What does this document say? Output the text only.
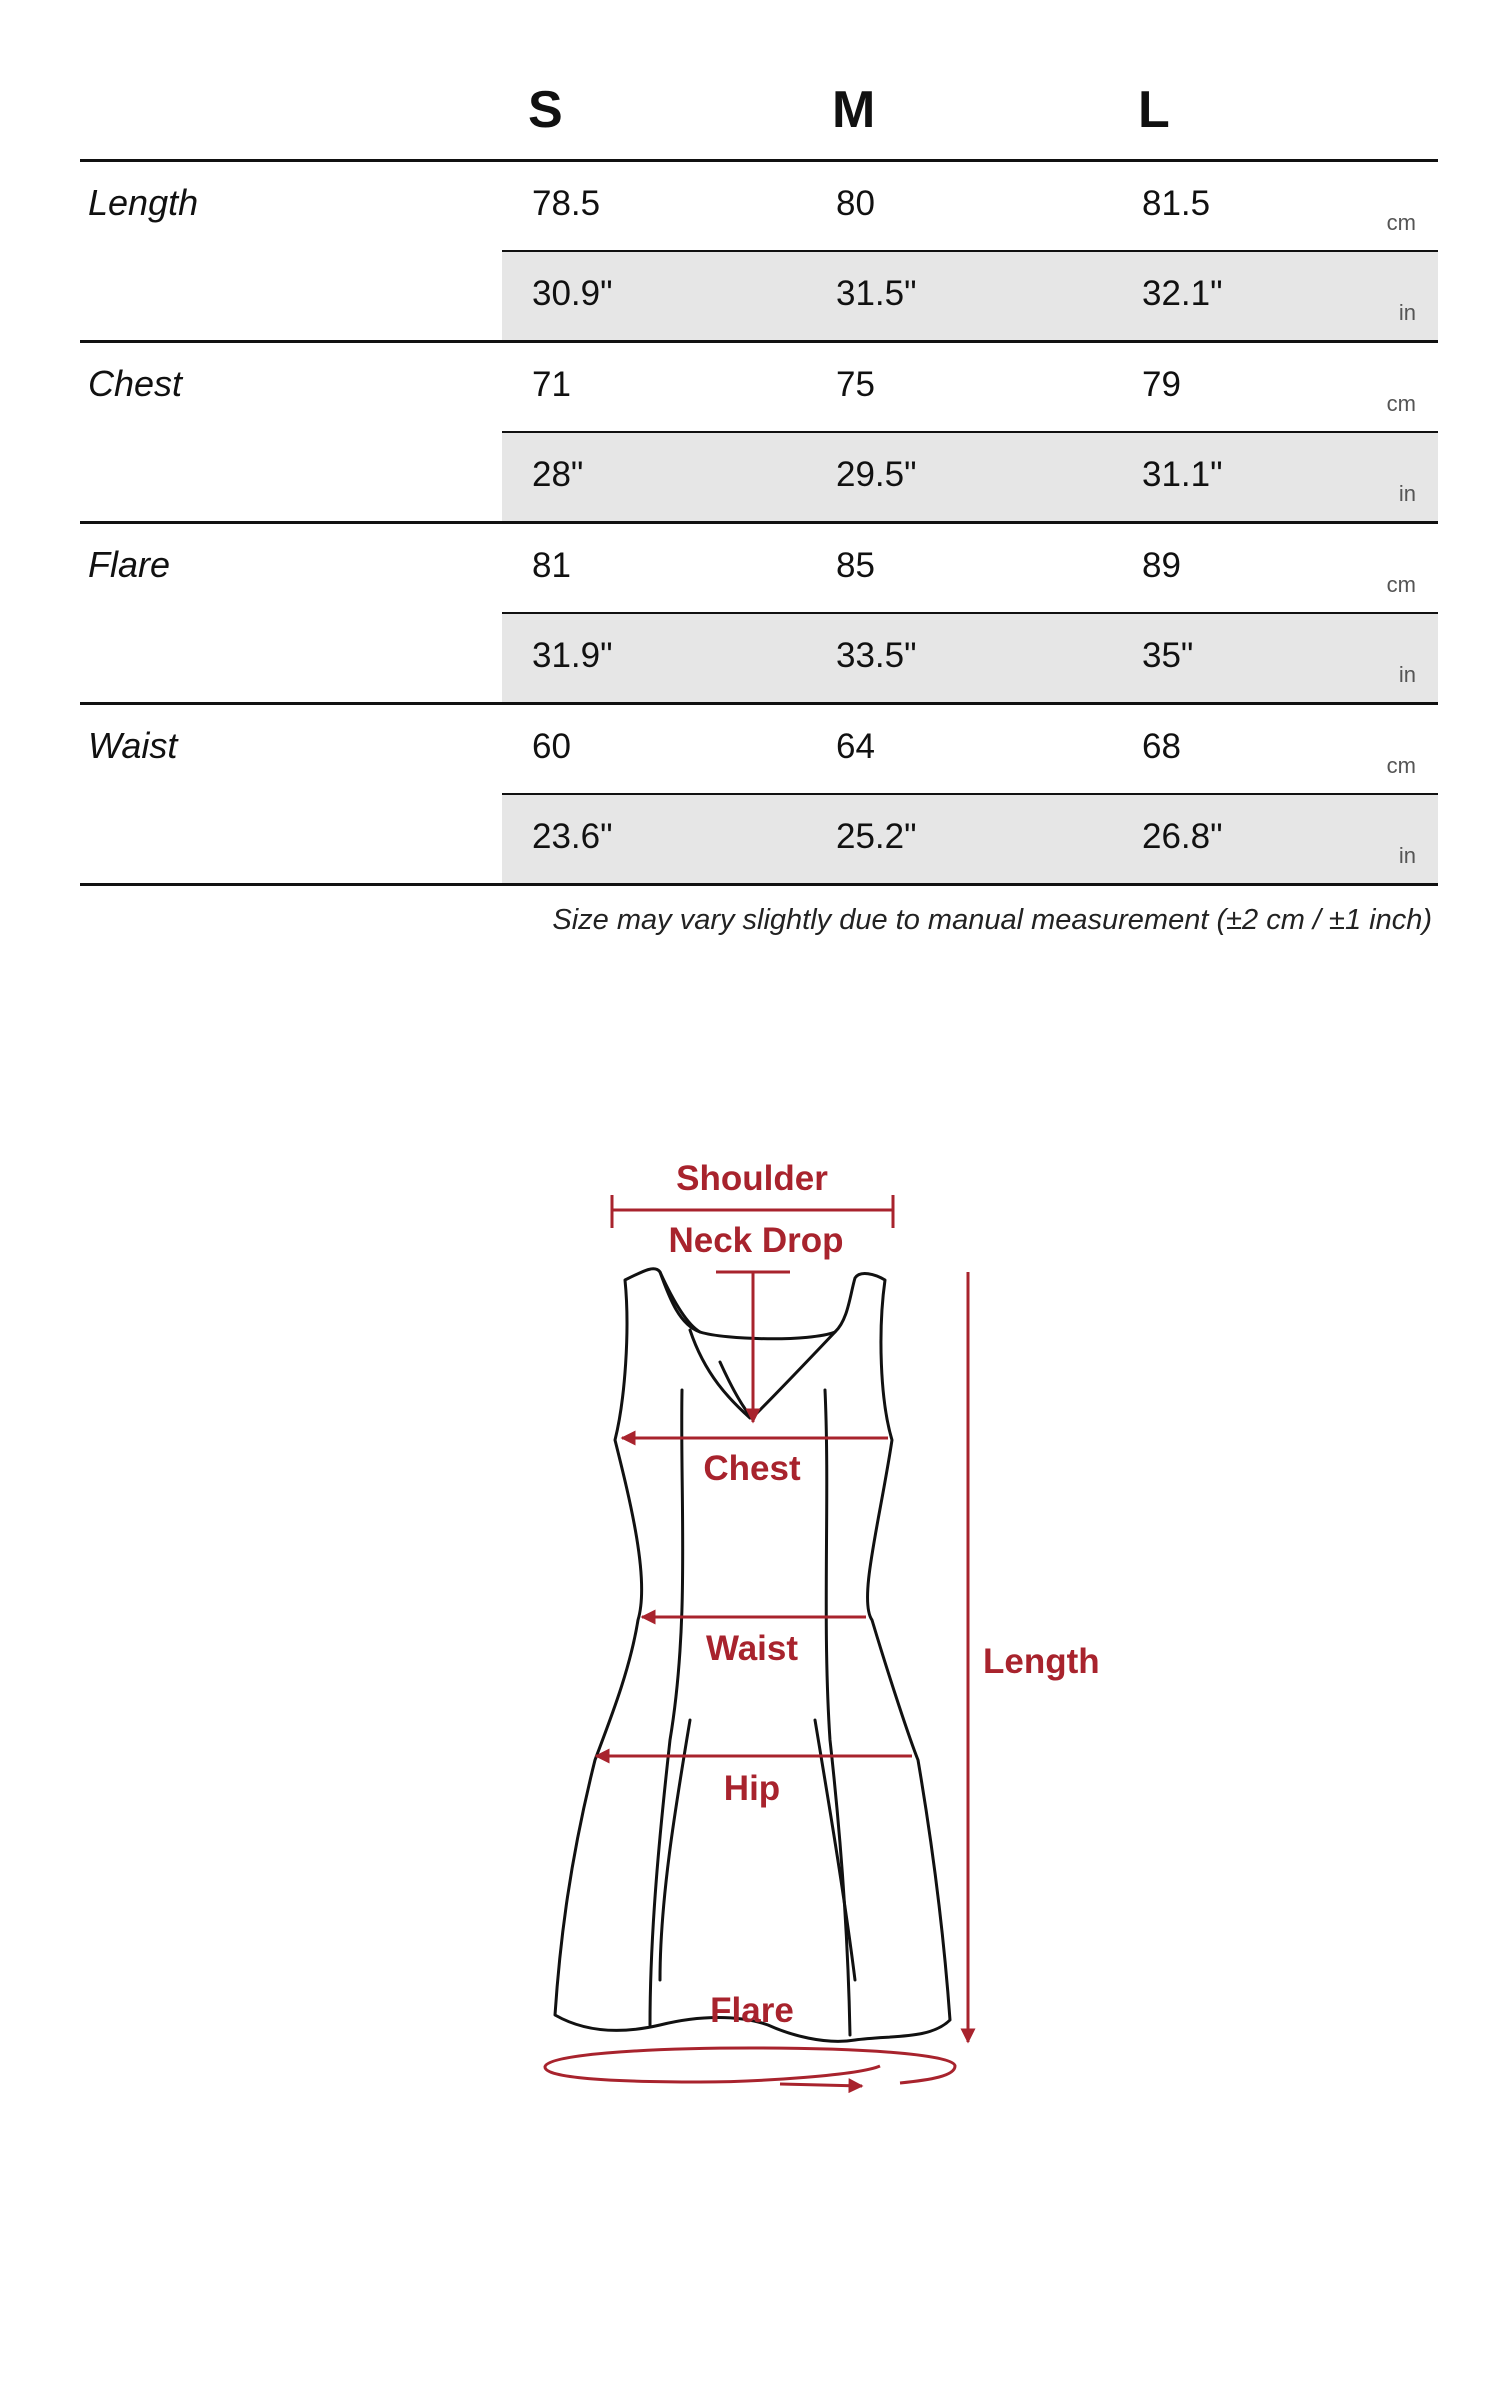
S	M	L
Length	78.5	80	81.5	cm
30.9"	31.5"	32.1"	in
Chest	71	75	79	cm
28"	29.5"	31.1"	in
Flare	81	85	89	cm
31.9"	33.5"	35"	in
Waist	60	64	68	cm
23.6"	25.2"	26.8"	in
Size may vary slightly due to manual measurement (±2 cm / ±1 inch)
Shoulder
Neck Drop
Chest
Waist
Hip
Flare
Length
